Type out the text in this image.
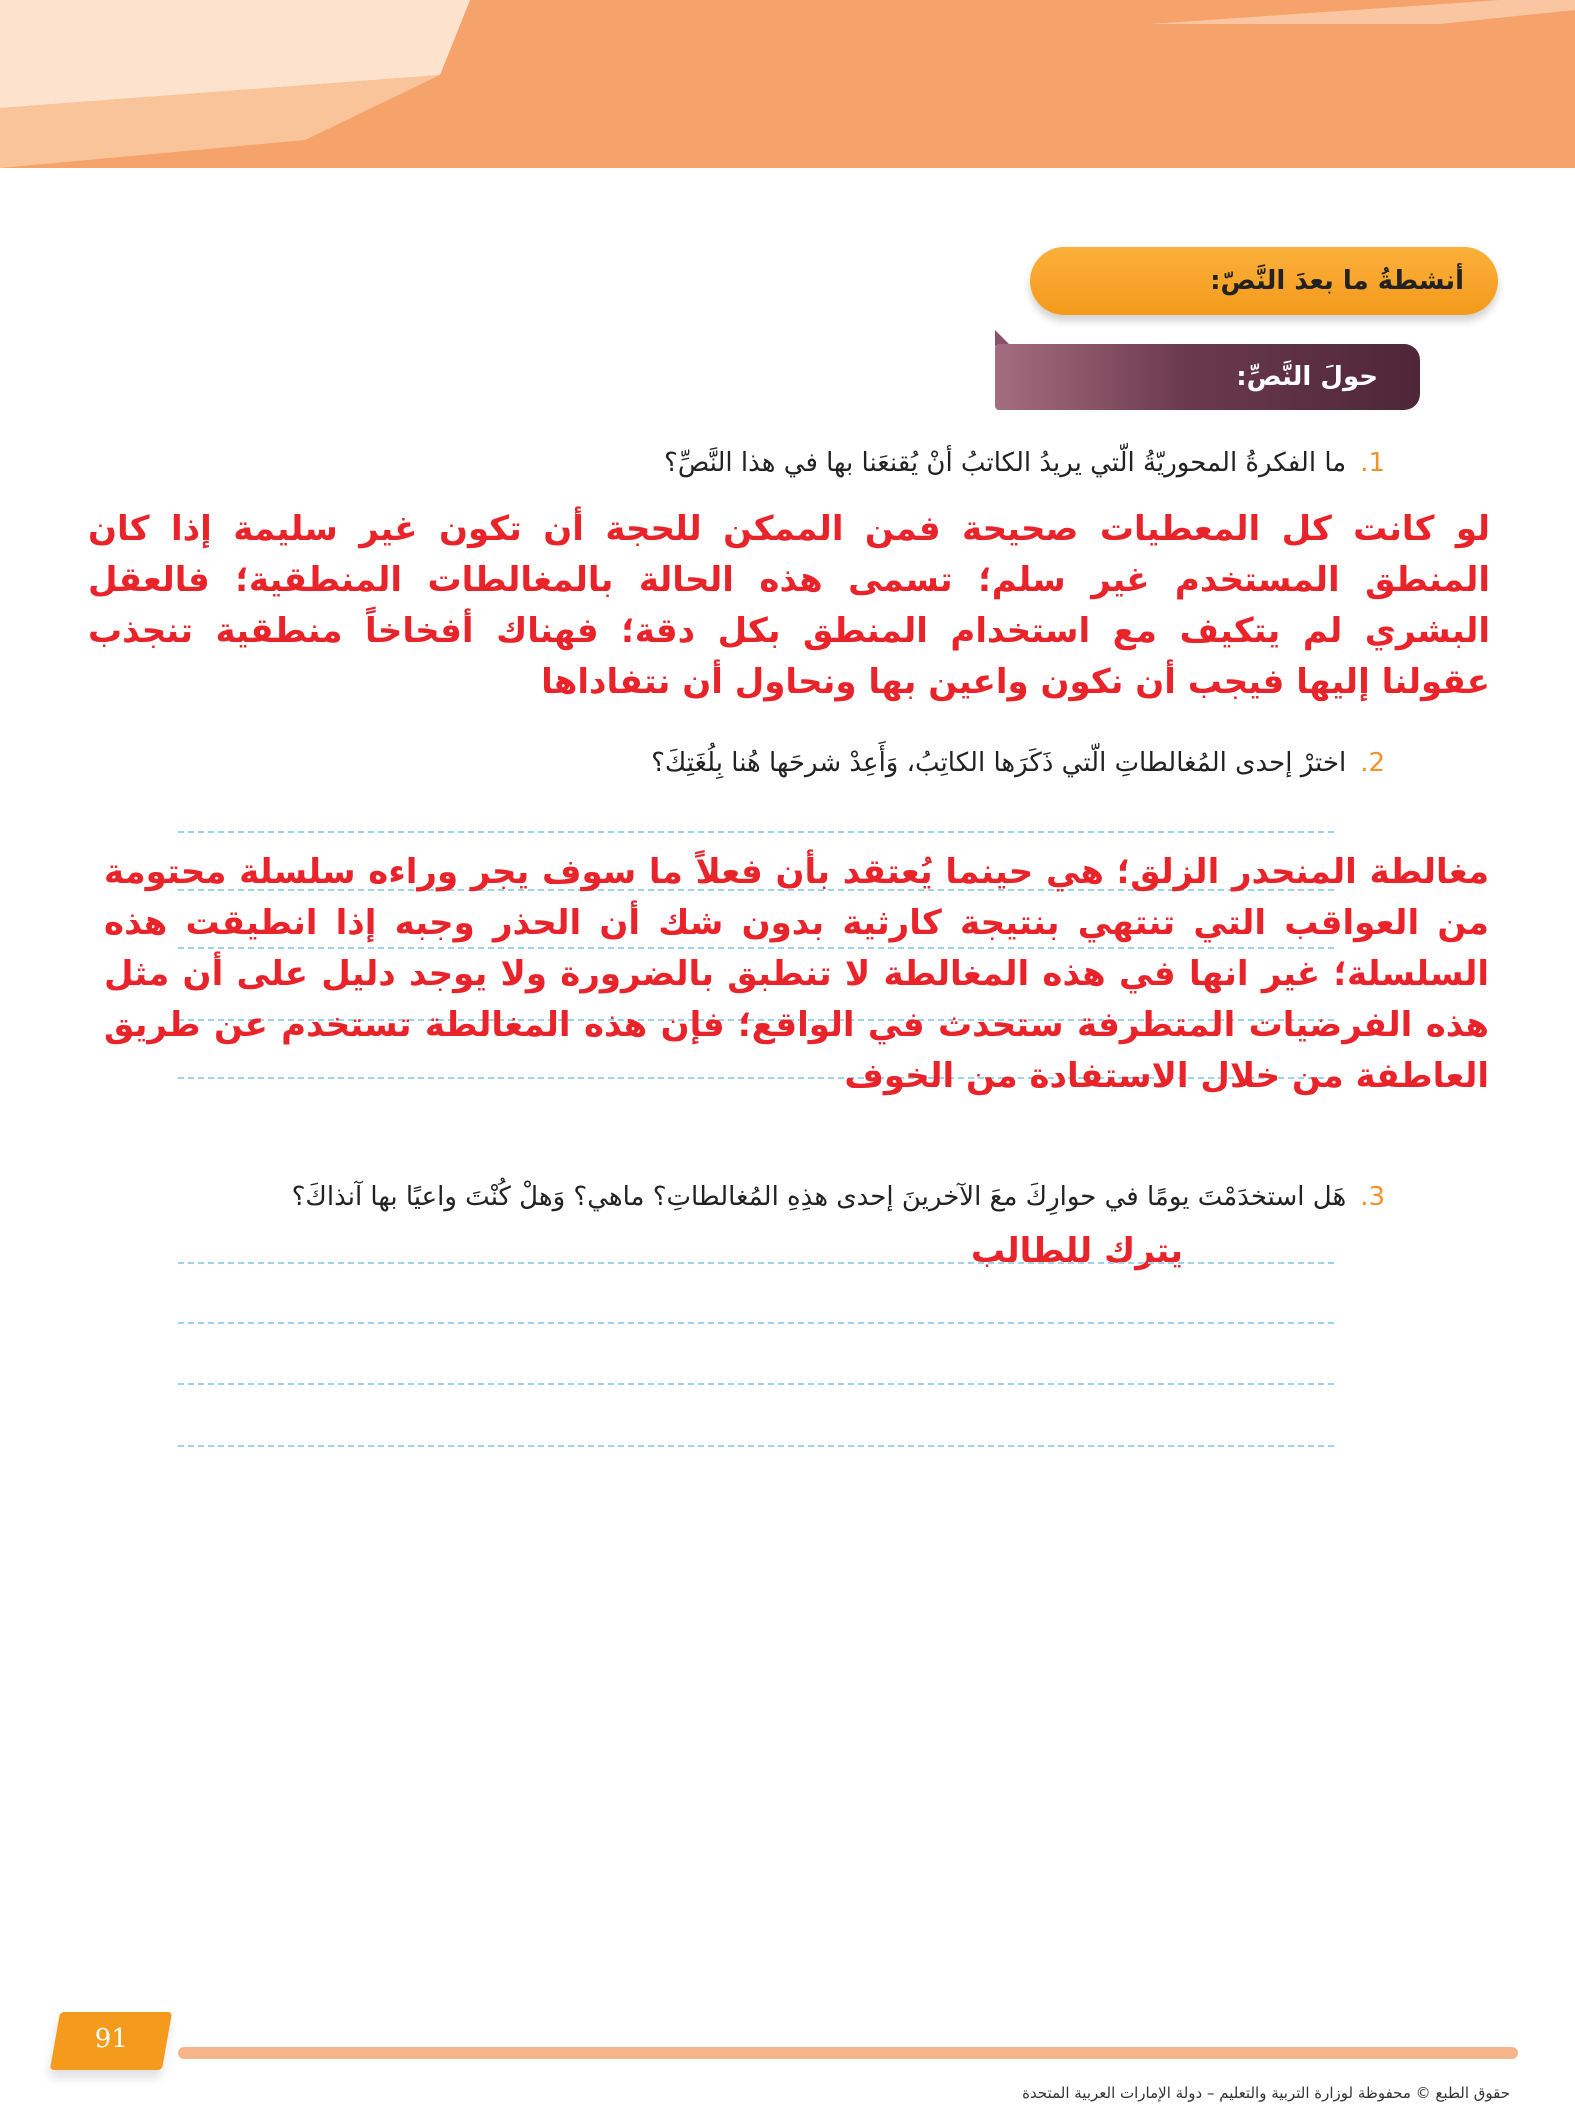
أنشطةُ ما بعدَ النَّصّ:
حولَ النَّصِّ:
1.ما الفكرةُ المحوريّةُ الّتي يريدُ الكاتبُ أنْ يُقنعَنا بها في هذا النَّصِّ؟
لو كانت كل المعطيات صحيحة فمن الممكن للحجة أن تكون غير سليمة إذا كان المنطق المستخدم غير سلم؛ تسمى هذه الحالة بالمغالطات المنطقية؛ فالعقل البشري لم يتكيف مع استخدام المنطق بكل دقة؛ فهناك أفخاخاً منطقية تنجذب عقولنا إليها فيجب أن نكون واعين بها ونحاول أن نتفاداها
2.اخترْ إحدى المُغالطاتِ الّتي ذَكَرَها الكاتِبُ، وَأَعِدْ شرحَها هُنا بِلُغَتِكَ؟
مغالطة المنحدر الزلق؛ هي حينما يُعتقد بأن فعلاً ما سوف يجر وراءه سلسلة محتومة من العواقب التي تنتهي بنتيجة كارثية بدون شك أن الحذر وجبه إذا انطيقت هذه السلسلة؛ غير انها في هذه المغالطة لا تنطبق بالضرورة ولا يوجد دليل على أن مثل هذه الفرضيات المتطرفة ستحدث في الواقع؛ فإن هذه المغالطة تستخدم عن طريق العاطفة من خلال الاستفادة من الخوف
3.هَل استخدَمْتَ يومًا في حوارِكَ معَ الآخرينَ إحدى هذِهِ المُغالطاتِ؟ ماهي؟ وَهلْ كُنْتَ واعيًا بها آنذاكَ؟
يترك للطالب
91
حقوق الطبع © محفوظة لوزارة التربية والتعليم – دولة الإمارات العربية المتحدة
